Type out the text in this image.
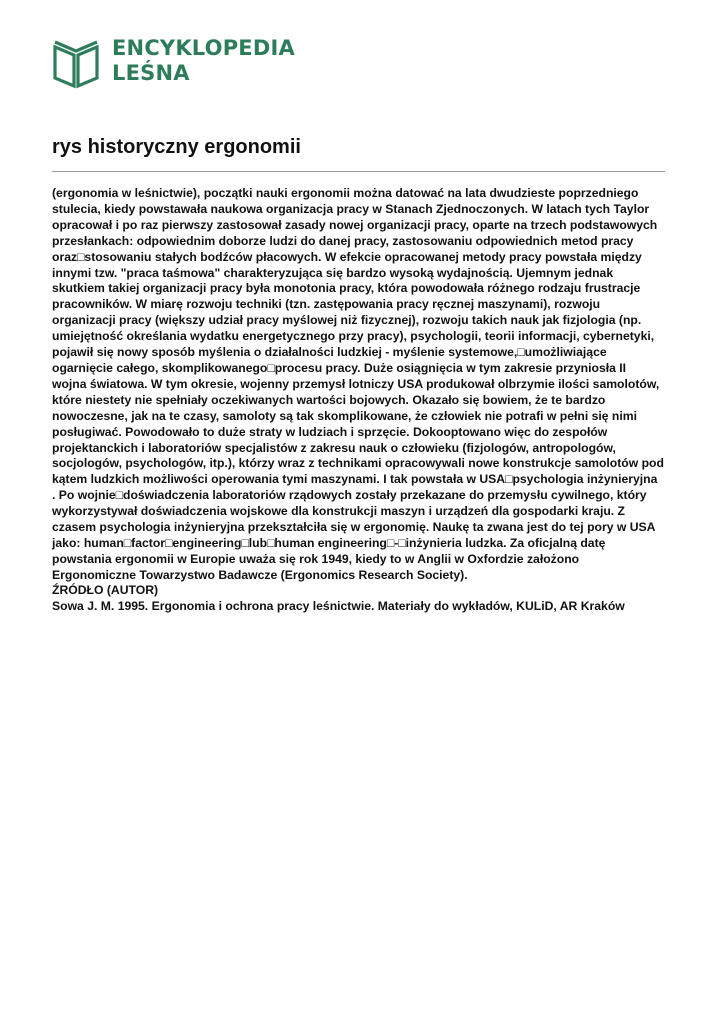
ENCYKLOPEDIA
LEŚNA
rys historyczny ergonomii
(ergonomia w leśnictwie), początki nauki ergonomii można datować na lata dwudzieste poprzedniego
stulecia, kiedy powstawała naukowa organizacja pracy w Stanach Zjednoczonych. W latach tych Taylor
opracował i po raz pierwszy zastosował zasady nowej organizacji pracy, oparte na trzech podstawowych
przesłankach: odpowiednim doborze ludzi do danej pracy, zastosowaniu odpowiednich metod pracy
oraz□stosowaniu stałych bodźców płacowych. W efekcie opracowanej metody pracy powstała między
innymi tzw. "praca taśmowa" charakteryzująca się bardzo wysoką wydajnością. Ujemnym jednak
skutkiem takiej organizacji pracy była monotonia pracy, która powodowała różnego rodzaju frustracje
pracowników. W miarę rozwoju techniki (tzn. zastępowania pracy ręcznej maszynami), rozwoju
organizacji pracy (większy udział pracy myślowej niż fizycznej), rozwoju takich nauk jak fizjologia (np.
umiejętność określania wydatku energetycznego przy pracy), psychologii, teorii informacji, cybernetyki,
pojawił się nowy sposób myślenia o działalności ludzkiej - myślenie systemowe,□umożliwiające
ogarnięcie całego, skomplikowanego□procesu pracy. Duże osiągnięcia w tym zakresie przyniosła II
wojna światowa. W tym okresie, wojenny przemysł lotniczy USA produkował olbrzymie ilości samolotów,
które niestety nie spełniały oczekiwanych wartości bojowych. Okazało się bowiem, że te bardzo
nowoczesne, jak na te czasy, samoloty są tak skomplikowane, że człowiek nie potrafi w pełni się nimi
posługiwać. Powodowało to duże straty w ludziach i sprzęcie. Dokooptowano więc do zespołów
projektanckich i laboratoriów specjalistów z zakresu nauk o człowieku (fizjologów, antropologów,
socjologów, psychologów, itp.), którzy wraz z technikami opracowywali nowe konstrukcje samolotów pod
kątem ludzkich możliwości operowania tymi maszynami. I tak powstała w USA□psychologia inżynieryjna
. Po wojnie□doświadczenia laboratoriów rządowych zostały przekazane do przemysłu cywilnego, który
wykorzystywał doświadczenia wojskowe dla konstrukcji maszyn i urządzeń dla gospodarki kraju. Z
czasem psychologia inżynieryjna przekształciła się w ergonomię. Naukę ta zwana jest do tej pory w USA
jako: human□factor□engineering□lub□human engineering□-□inżynieria ludzka. Za oficjalną datę
powstania ergonomii w Europie uważa się rok 1949, kiedy to w Anglii w Oxfordzie założono
Ergonomiczne Towarzystwo Badawcze (Ergonomics Research Society).
ŹRÓDŁO (AUTOR)
Sowa J. M. 1995. Ergonomia i ochrona pracy leśnictwie. Materiały do wykładów, KULiD, AR Kraków
